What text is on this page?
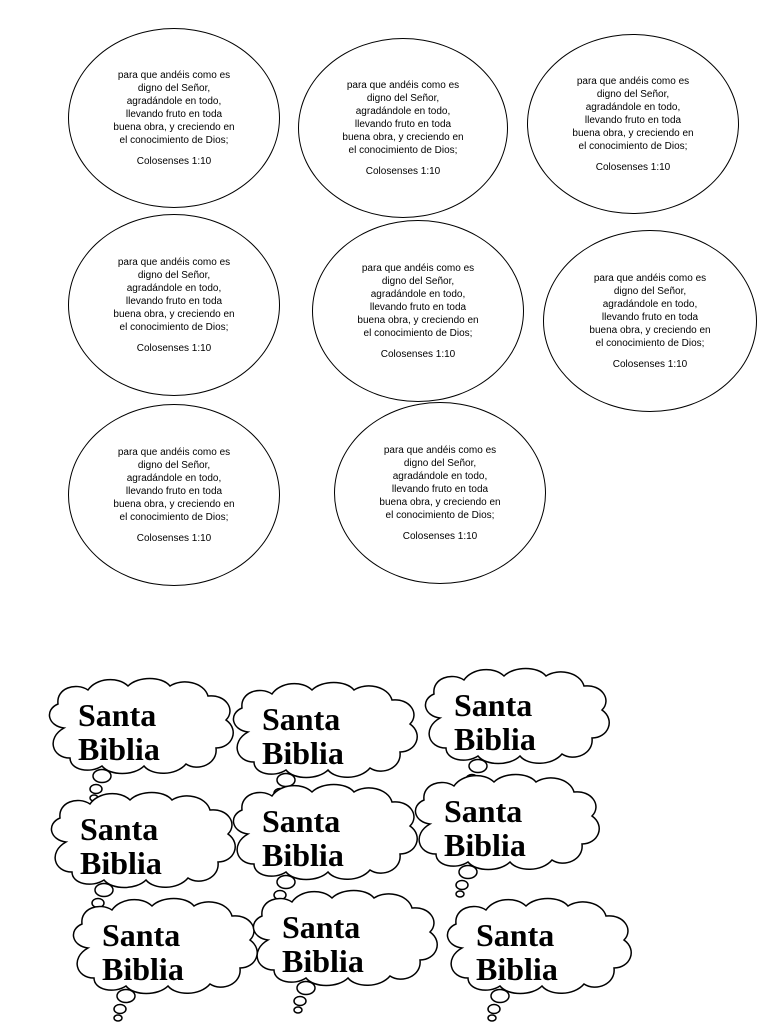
para que andéis como es
digno del Señor,
agradándole en todo,
llevando fruto en toda
buena obra, y creciendo en
el conocimiento de Dios;
Colosenses 1:10
para que andéis como es
digno del Señor,
agradándole en todo,
llevando fruto en toda
buena obra, y creciendo en
el conocimiento de Dios;
Colosenses 1:10
para que andéis como es
digno del Señor,
agradándole en todo,
llevando fruto en toda
buena obra, y creciendo en
el conocimiento de Dios;
Colosenses 1:10
para que andéis como es
digno del Señor,
agradándole en todo,
llevando fruto en toda
buena obra, y creciendo en
el conocimiento de Dios;
Colosenses 1:10
para que andéis como es
digno del Señor,
agradándole en todo,
llevando fruto en toda
buena obra, y creciendo en
el conocimiento de Dios;
Colosenses 1:10
para que andéis como es
digno del Señor,
agradándole en todo,
llevando fruto en toda
buena obra, y creciendo en
el conocimiento de Dios;
Colosenses 1:10
para que andéis como es
digno del Señor,
agradándole en todo,
llevando fruto en toda
buena obra, y creciendo en
el conocimiento de Dios;
Colosenses 1:10
para que andéis como es
digno del Señor,
agradándole en todo,
llevando fruto en toda
buena obra, y creciendo en
el conocimiento de Dios;
Colosenses 1:10
Santa
Biblia
Santa
Biblia
Santa
Biblia
Santa
Biblia
Santa
Biblia
Santa
Biblia
Santa
Biblia
Santa
Biblia
Santa
Biblia
